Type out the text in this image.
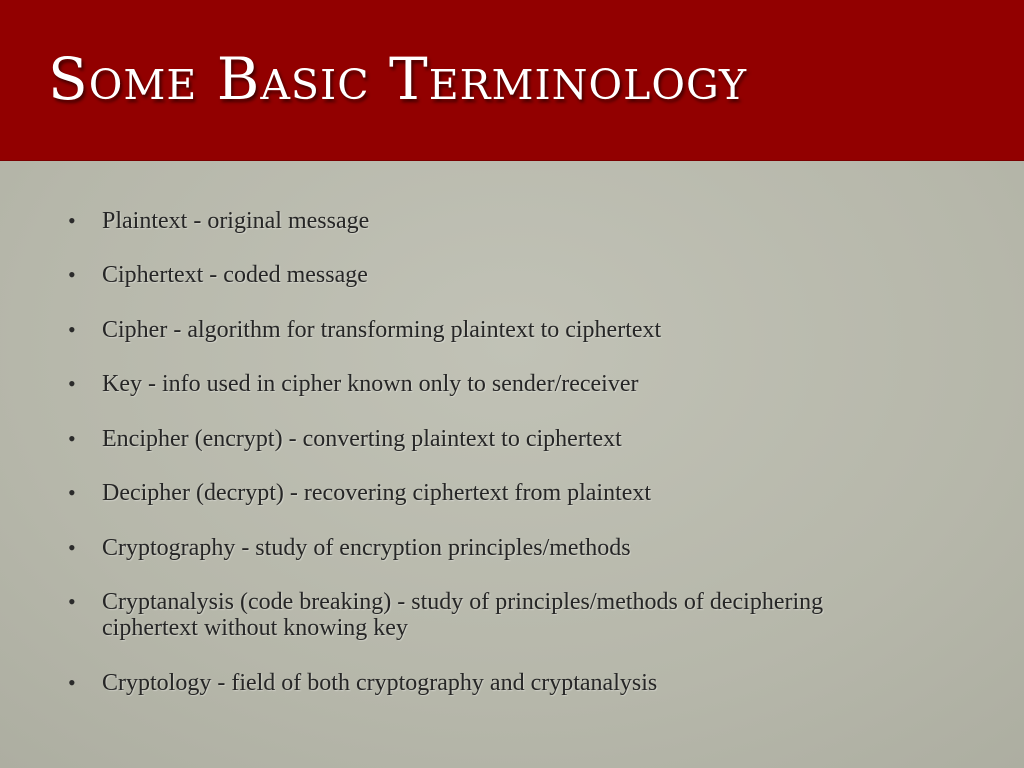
Some Basic Terminology
• Plaintext - original message
• Ciphertext - coded message
• Cipher - algorithm for transforming plaintext to ciphertext
• Key - info used in cipher known only to sender/receiver
• Encipher (encrypt) - converting plaintext to ciphertext
• Decipher (decrypt) - recovering ciphertext from plaintext
• Cryptography - study of encryption principles/methods
• Cryptanalysis (code breaking) - study of principles/methods of deciphering ciphertext without knowing key
• Cryptology - field of both cryptography and cryptanalysis
